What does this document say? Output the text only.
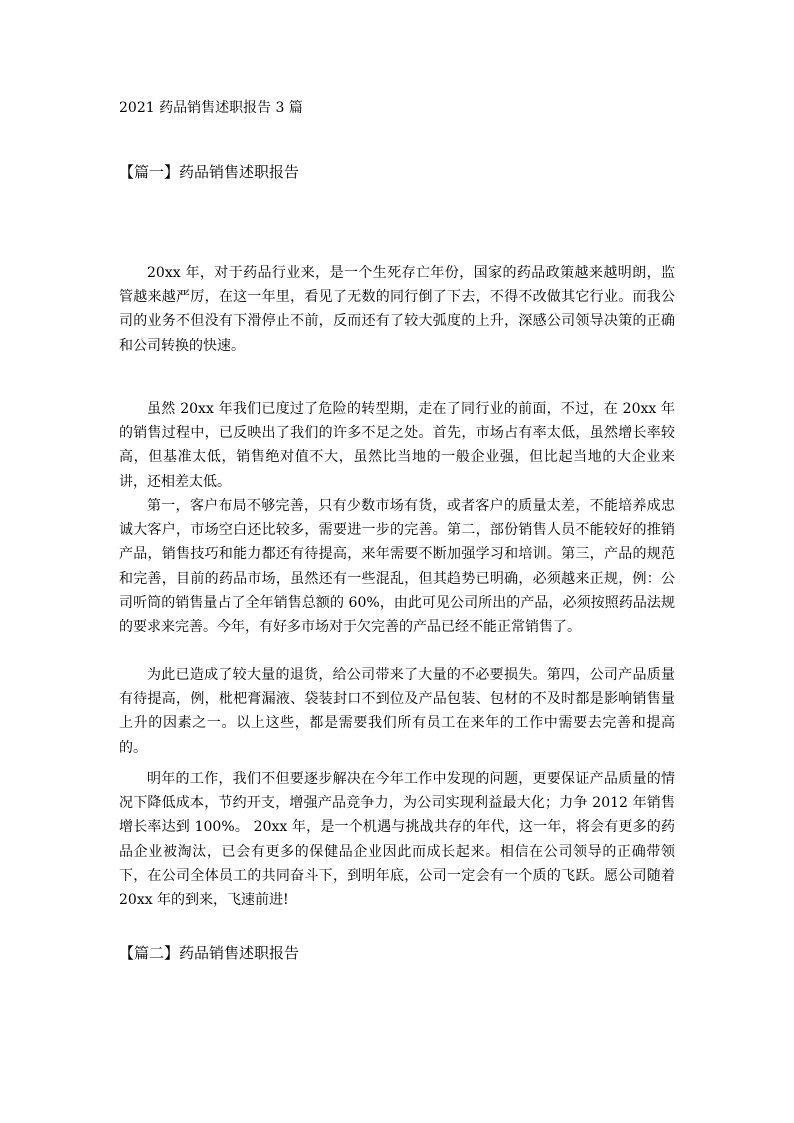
2021 药品销售述职报告 3 篇
【篇一】药品销售述职报告

20xx 年，对于药品行业来，是一个生死存亡年份，国家的药品政策越来越明朗，监管越来越严厉，在这一年里，看见了无数的同行倒了下去，不得不改做其它行业。而我公司的业务不但没有下滑停止不前，反而还有了较大弧度的上升，深感公司领导决策的正确和公司转换的快速。

虽然 20xx 年我们已度过了危险的转型期，走在了同行业的前面，不过，在 20xx 年的销售过程中，已反映出了我们的许多不足之处。首先，市场占有率太低，虽然增长率较高，但基准太低，销售绝对值不大，虽然比当地的一般企业强，但比起当地的大企业来讲，还相差太低。

第一，客户布局不够完善，只有少数市场有货，或者客户的质量太差，不能培养成忠诚大客户，市场空白还比较多，需要进一步的完善。第二，部份销售人员不能较好的推销产品，销售技巧和能力都还有待提高，来年需要不断加强学习和培训。第三，产品的规范和完善，目前的药品市场，虽然还有一些混乱，但其趋势已明确，必须越来正规，例：公司听筒的销售量占了全年销售总额的 60%，由此可见公司所出的产品，必须按照药品法规的要求来完善。今年，有好多市场对于欠完善的产品已经不能正常销售了。

为此已造成了较大量的退货，给公司带来了大量的不必要损失。第四，公司产品质量有待提高，例，枇杷膏漏液、袋装封口不到位及产品包装、包材的不及时都是影响销售量上升的因素之一。以上这些，都是需要我们所有员工在来年的工作中需要去完善和提高的。

明年的工作，我们不但要逐步解决在今年工作中发现的问题，更要保证产品质量的情况下降低成本，节约开支，增强产品竞争力，为公司实现利益最大化；力争 2012 年销售增长率达到 100%。 20xx 年，是一个机遇与挑战共存的年代，这一年，将会有更多的药品企业被淘汰，已会有更多的保健品企业因此而成长起来。相信在公司领导的正确带领下，在公司全体员工的共同奋斗下，到明年底，公司一定会有一个质的飞跃。愿公司随着 20xx 年的到来，飞速前进!

【篇二】药品销售述职报告
